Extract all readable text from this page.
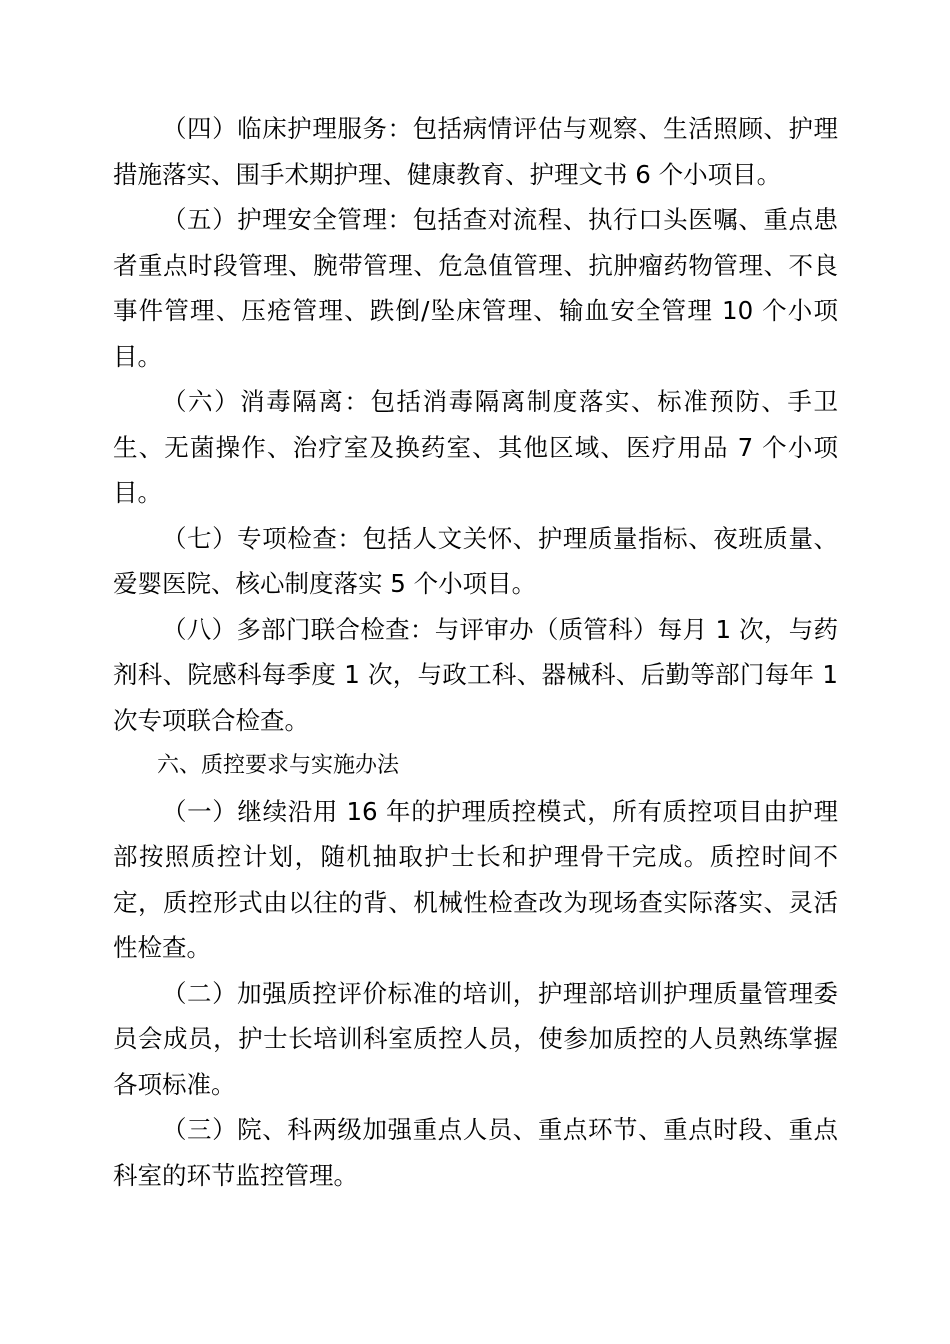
（四）临床护理服务：包括病情评估与观察、生活照顾、护理措施落实、围手术期护理、健康教育、护理文书 6 个小项目。

（五）护理安全管理：包括查对流程、执行口头医嘱、重点患者重点时段管理、腕带管理、危急值管理、抗肿瘤药物管理、不良事件管理、压疮管理、跌倒/坠床管理、输血安全管理 10 个小项目。

（六）消毒隔离：包括消毒隔离制度落实、标准预防、手卫生、无菌操作、治疗室及换药室、其他区域、医疗用品 7 个小项目。

（七）专项检查：包括人文关怀、护理质量指标、夜班质量、爱婴医院、核心制度落实 5 个小项目。

（八）多部门联合检查：与评审办（质管科）每月 1 次，与药剂科、院感科每季度 1 次，与政工科、器械科、后勤等部门每年 1 次专项联合检查。

六、质控要求与实施办法

（一）继续沿用 16 年的护理质控模式，所有质控项目由护理部按照质控计划，随机抽取护士长和护理骨干完成。质控时间不定，质控形式由以往的背、机械性检查改为现场查实际落实、灵活性检查。

（二）加强质控评价标准的培训，护理部培训护理质量管理委员会成员，护士长培训科室质控人员，使参加质控的人员熟练掌握各项标准。

（三）院、科两级加强重点人员、重点环节、重点时段、重点科室的环节监控管理。
